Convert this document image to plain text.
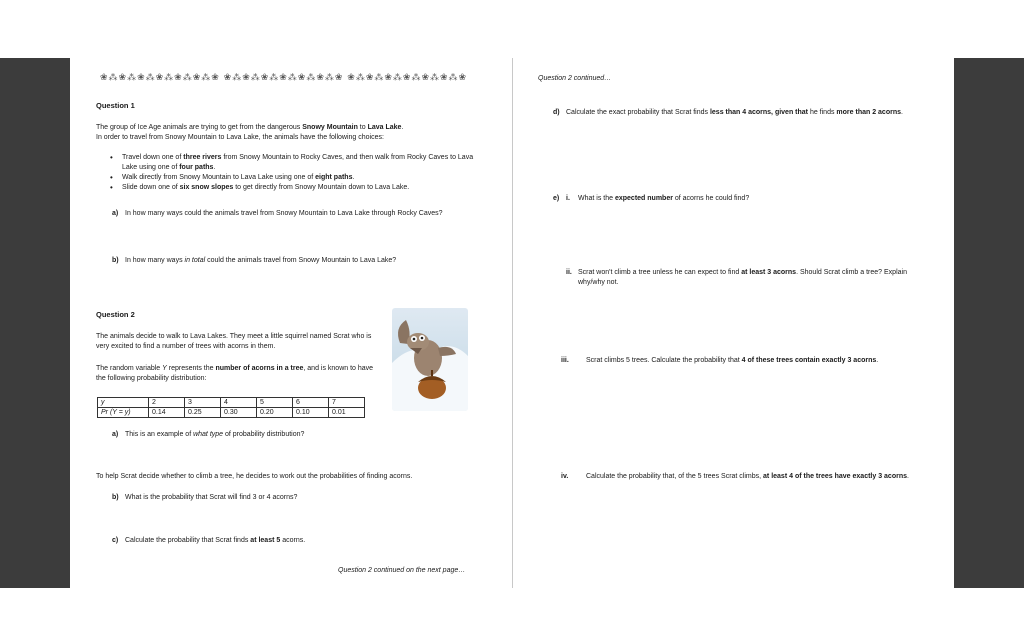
❀⁂❀⁂❀⁂❀⁂❀⁂❀⁂❀ ❀⁂❀⁂❀⁂❀⁂❀⁂❀⁂❀ ❀⁂❀⁂❀⁂❀⁂❀⁂❀⁂❀
Question 1
The group of Ice Age animals are trying to get from the dangerous Snowy Mountain to Lava Lake.
In order to travel from Snowy Mountain to Lava Lake, the animals have the following choices:
• Travel down one of three rivers from Snowy Mountain to Rocky Caves, and then walk from Rocky Caves to Lava Lake using one of four paths.
• Walk directly from Snowy Mountain to Lava Lake using one of eight paths.
• Slide down one of six snow slopes to get directly from Snowy Mountain down to Lava Lake.
a) In how many ways could the animals travel from Snowy Mountain to Lava Lake through Rocky Caves?
b) In how many ways in total could the animals travel from Snowy Mountain to Lava Lake?
Question 2
The animals decide to walk to Lava Lakes. They meet a little squirrel named Scrat who is very excited to find a number of trees with acorns in them.
The random variable Y represents the number of acorns in a tree, and is known to have the following probability distribution:
y	2	3	4	5	6	7
Pr (Y = y)	0.14	0.25	0.30	0.20	0.10	0.01
a) This is an example of what type of probability distribution?
To help Scrat decide whether to climb a tree, he decides to work out the probabilities of finding acorns.
b) What is the probability that Scrat will find 3 or 4 acorns?
c) Calculate the probability that Scrat finds at least 5 acorns.
Question 2 continued on the next page…
Question 2 continued…
d) Calculate the exact probability that Scrat finds less than 4 acorns, given that he finds more than 2 acorns.
e) i.	What is the expected number of acorns he could find?
ii. Scrat won't climb a tree unless he can expect to find at least 3 acorns. Should Scrat climb a tree? Explain why/why not.
iii.	Scrat climbs 5 trees. Calculate the probability that 4 of these trees contain exactly 3 acorns.
iv.	Calculate the probability that, of the 5 trees Scrat climbs, at least 4 of the trees have exactly 3 acorns.
